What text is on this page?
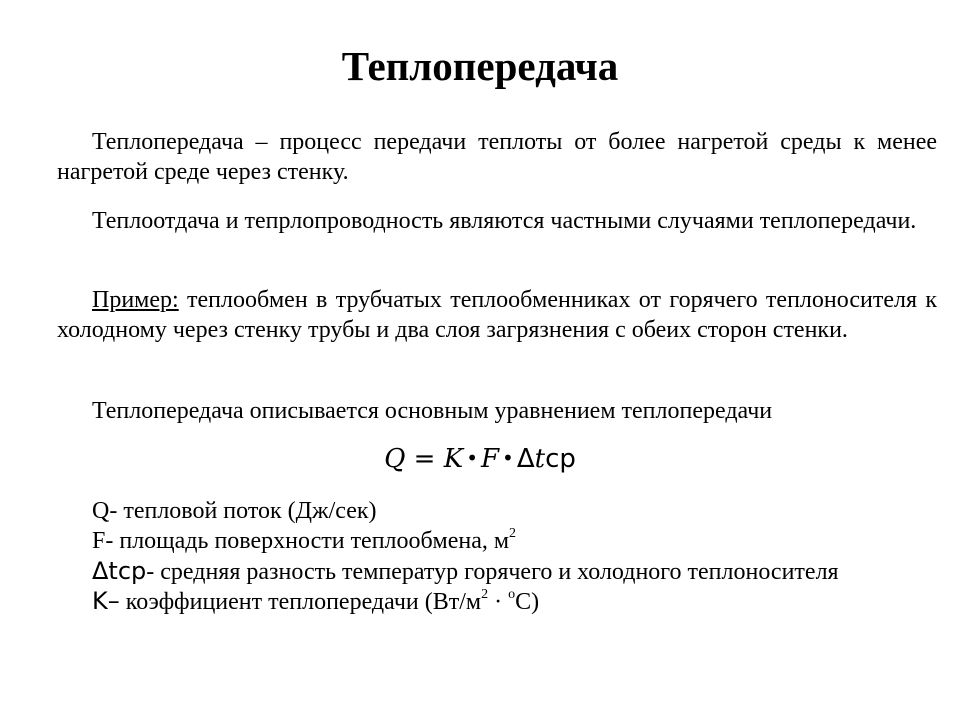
Теплопередача

Теплопередача – процесс передачи теплоты от более нагретой среды к менее нагретой среде через стенку.

Теплоотдача и тепрлопроводность являются частными случаями теплопередачи.

Пример: теплообмен в трубчатых теплообменниках от горячего теплоносителя к холодному через стенку трубы и два слоя загрязнения с обеих сторон стенки.

Теплопередача описывается основным уравнением теплопередачи

Q = K • F • Δtср
Q- тепловой поток (Дж/сек)
F- площадь поверхности теплообмена, $м^2$
Δtср- средняя разность температур горячего и холодного теплоносителя
K– коэффициент теплопередачи $(Вт/м^2 \cdot ^oС)$
